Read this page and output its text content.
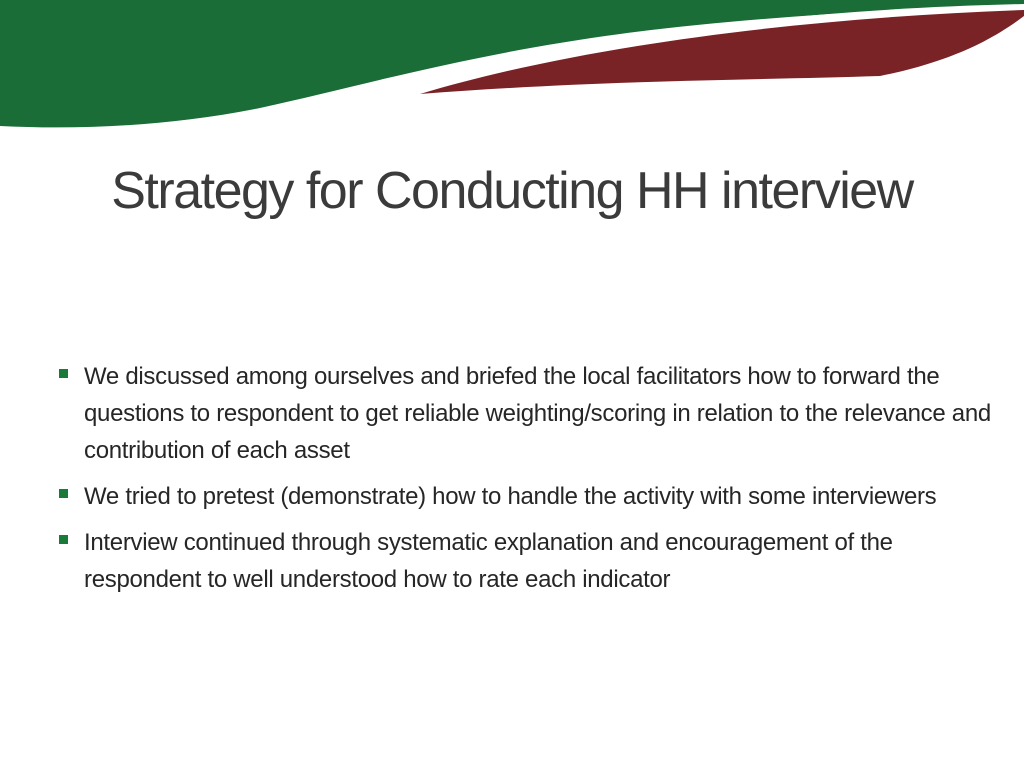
Strategy for Conducting HH interview
We discussed among ourselves and briefed the local facilitators how to forward the questions to respondent to get reliable weighting/scoring in relation to the relevance and contribution of each asset
We tried to pretest (demonstrate) how to handle the activity with some interviewers
Interview continued through systematic explanation and encouragement of the respondent to well understood how to rate each indicator
